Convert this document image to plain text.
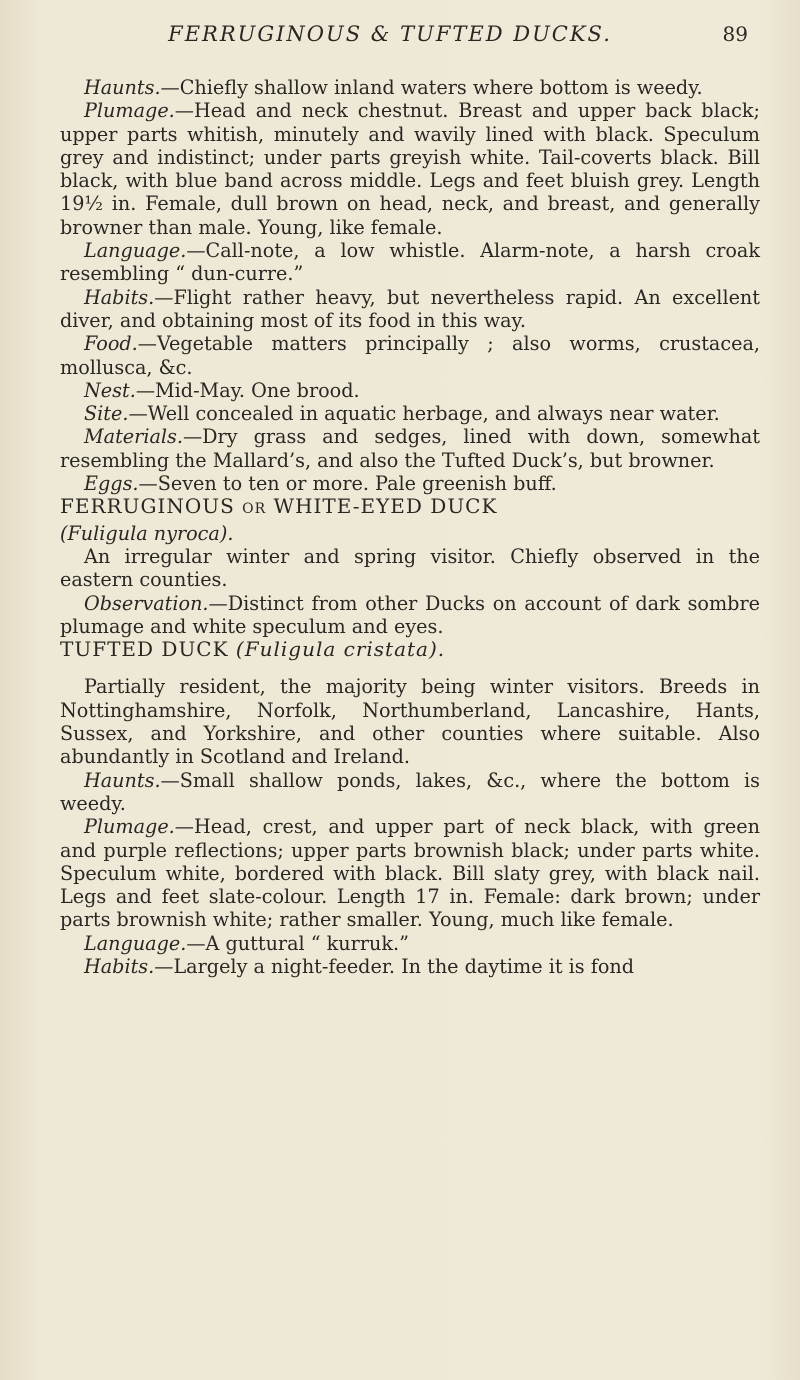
FERRUGINOUS & TUFTED DUCKS.	89

Haunts.—Chiefly shallow inland waters where bottom is weedy.

Plumage.—Head and neck chestnut. Breast and upper back black; upper parts whitish, minutely and wavily lined with black. Speculum grey and indistinct; under parts greyish white. Tail-coverts black. Bill black, with blue band across middle. Legs and feet bluish grey. Length 19½ in. Female, dull brown on head, neck, and breast, and generally browner than male. Young, like female.

Language.—Call-note, a low whistle. Alarm-note, a harsh croak resembling “ dun-curre.”

Habits.—Flight rather heavy, but nevertheless rapid. An excellent diver, and obtaining most of its food in this way.

Food.—Vegetable matters principally ; also worms, crustacea, mollusca, &c.

Nest.—Mid-May. One brood.

Site.—Well concealed in aquatic herbage, and always near water.

Materials.—Dry grass and sedges, lined with down, somewhat resembling the Mallard’s, and also the Tufted Duck’s, but browner.

Eggs.—Seven to ten or more. Pale greenish buff.

FERRUGINOUS OR WHITE-EYED DUCK

(Fuligula nyroca).

An irregular winter and spring visitor. Chiefly observed in the eastern counties.

Observation.—Distinct from other Ducks on account of dark sombre plumage and white speculum and eyes.

TUFTED DUCK (Fuligula cristata).

Partially resident, the majority being winter visitors. Breeds in Nottinghamshire, Norfolk, Northumberland, Lancashire, Hants, Sussex, and Yorkshire, and other counties where suitable. Also abundantly in Scotland and Ireland.

Haunts.—Small shallow ponds, lakes, &c., where the bottom is weedy.

Plumage.—Head, crest, and upper part of neck black, with green and purple reflections; upper parts brownish black; under parts white. Speculum white, bordered with black. Bill slaty grey, with black nail. Legs and feet slate-colour. Length 17 in. Female: dark brown; under parts brownish white; rather smaller. Young, much like female.

Language.—A guttural “ kurruk.”

Habits.—Largely a night-feeder. In the daytime it is fond
